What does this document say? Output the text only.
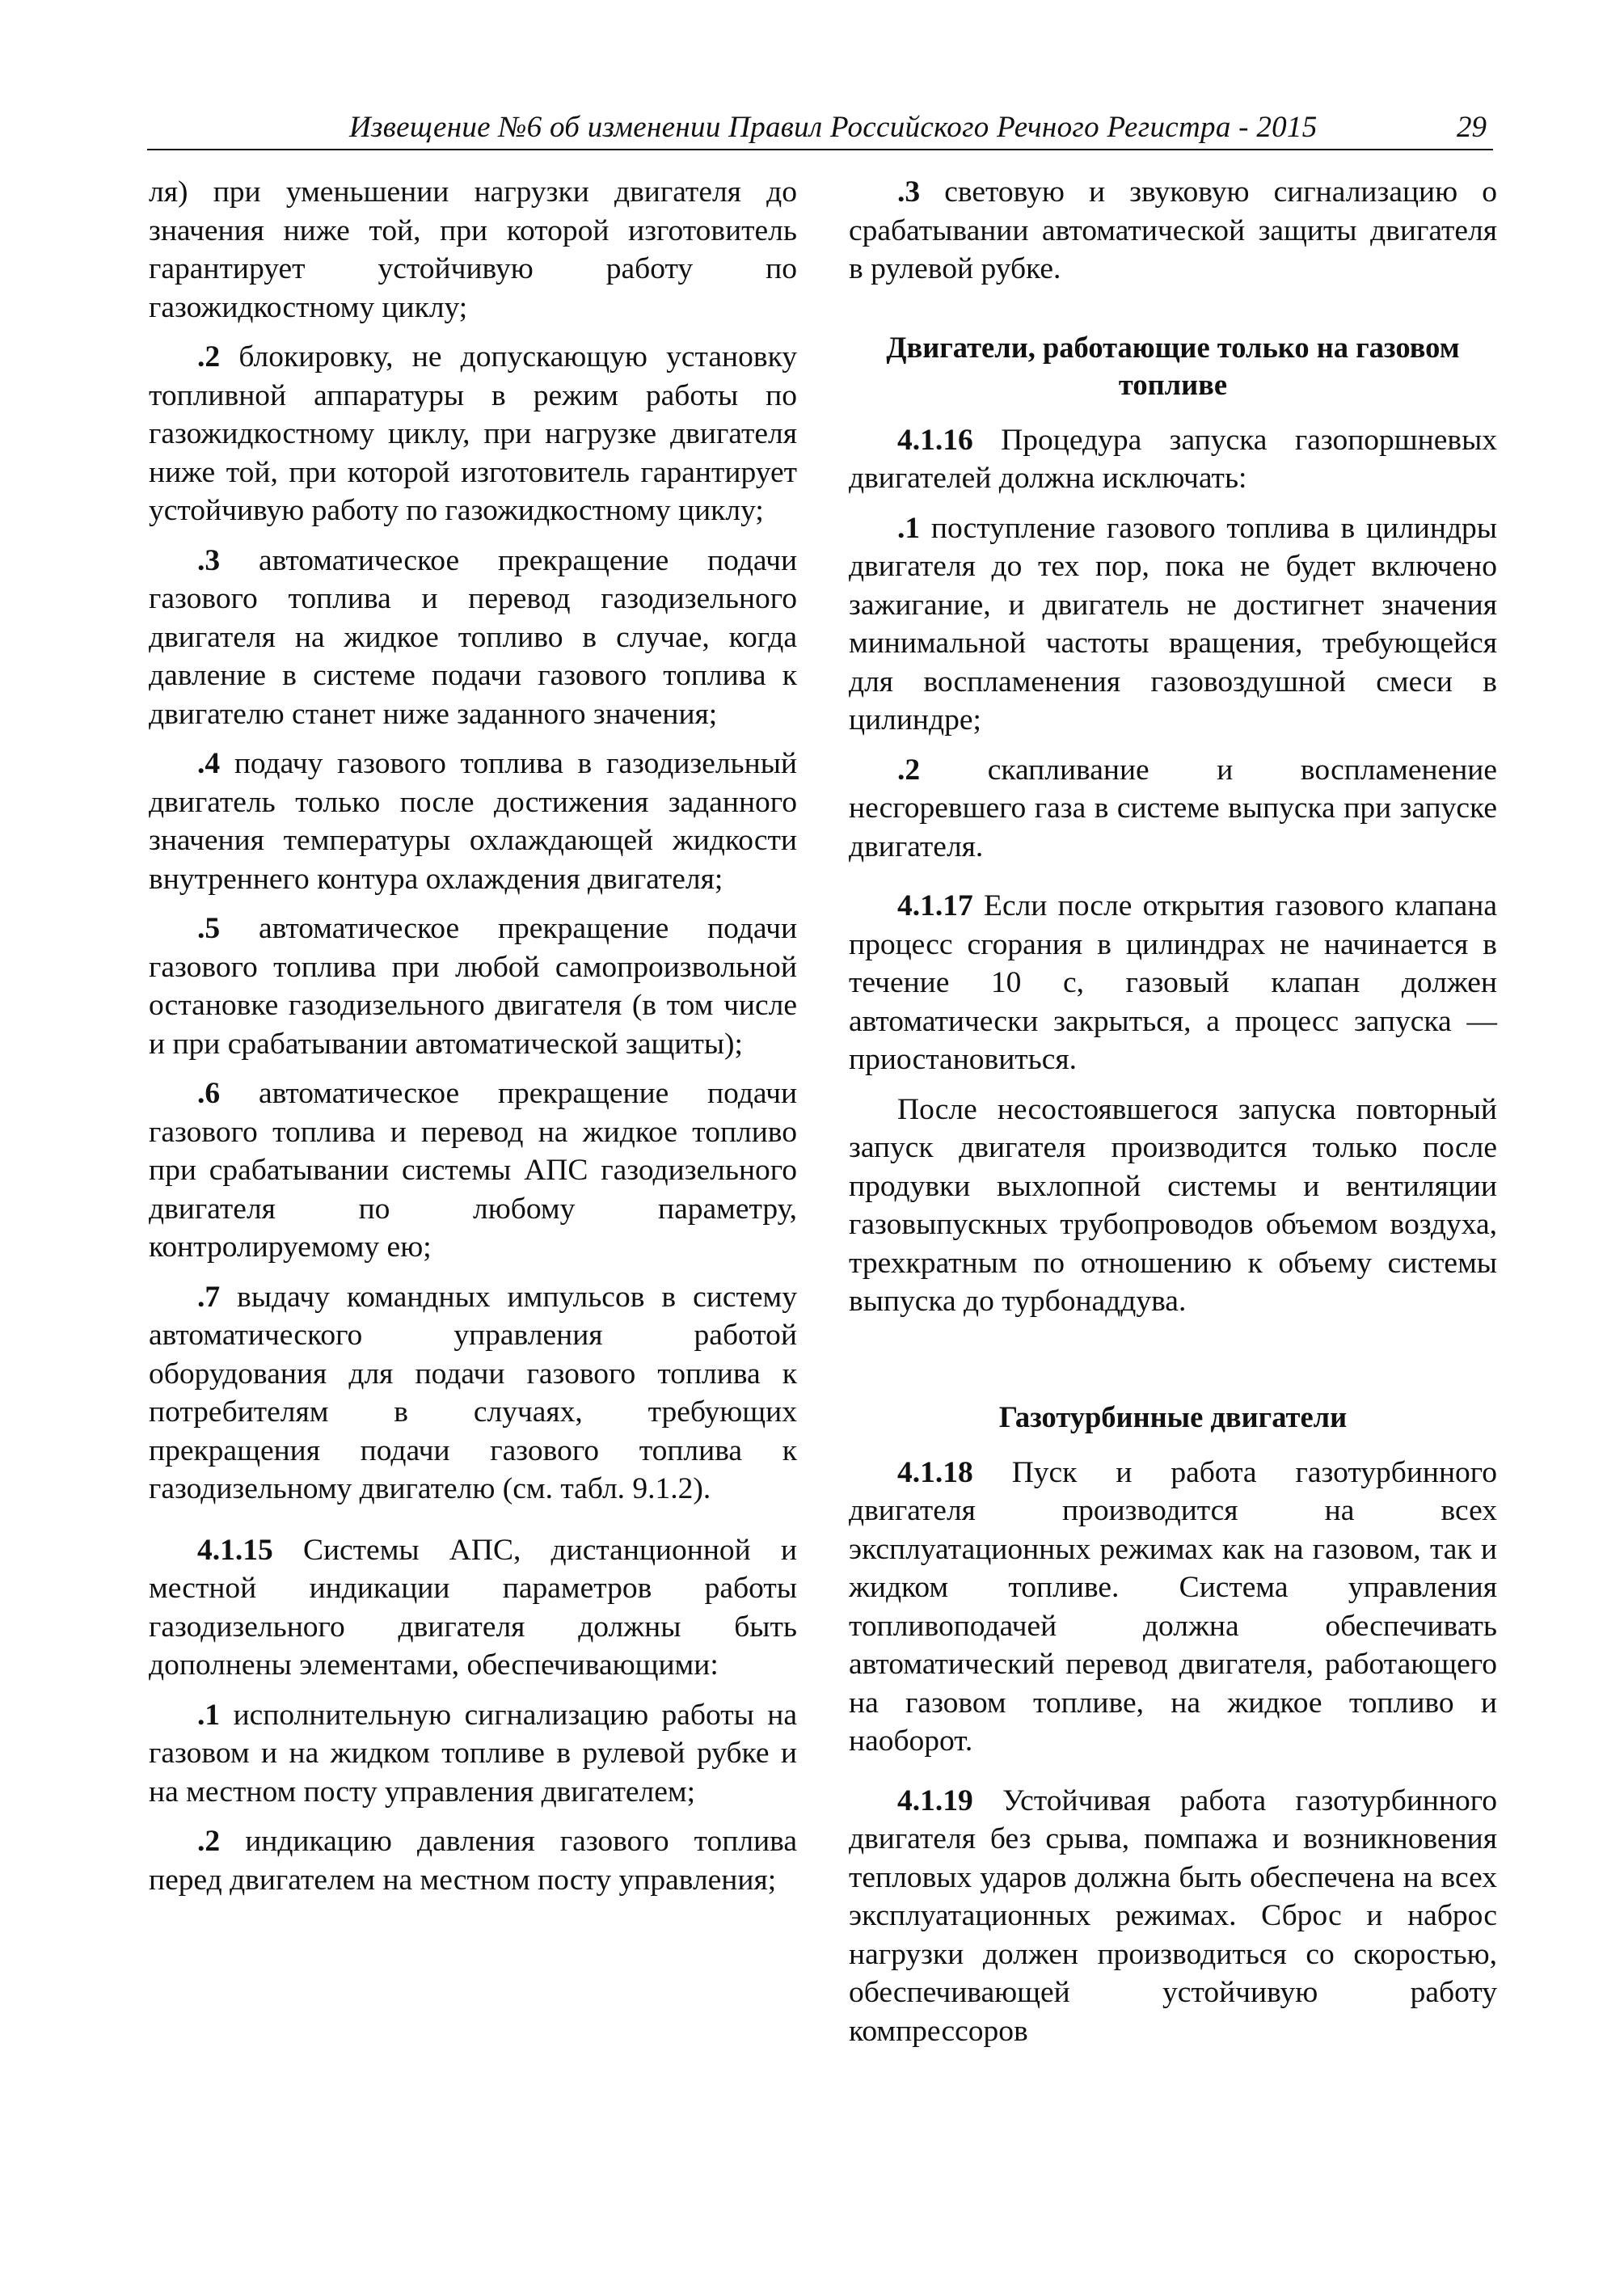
Извещение №6 об изменении Правил Российского Речного Регистра - 2015	29

ля) при уменьшении нагрузки двигателя до значения ниже той, при которой изготовитель гарантирует устойчивую работу по газожидкостному циклу;

.2 блокировку, не допускающую установку топливной аппаратуры в режим работы по газожидкостному циклу, при нагрузке двигателя ниже той, при которой изготовитель гарантирует устойчивую работу по газожидкостному циклу;

.3 автоматическое прекращение подачи газового топлива и перевод газодизельного двигателя на жидкое топливо в случае, когда давление в системе подачи газового топлива к двигателю станет ниже заданного значения;

.4 подачу газового топлива в газодизельный двигатель только после достижения заданного значения температуры охлаждающей жидкости внутреннего контура охлаждения двигателя;

.5 автоматическое прекращение подачи газового топлива при любой самопроизвольной остановке газодизельного двигателя (в том числе и при срабатывании автоматической защиты);

.6 автоматическое прекращение подачи газового топлива и перевод на жидкое топливо при срабатывании системы АПС газодизельного двигателя по любому параметру, контролируемому ею;

.7 выдачу командных импульсов в систему автоматического управления работой оборудования для подачи газового топлива к потребителям в случаях, требующих прекращения подачи газового топлива к газодизельному двигателю (см. табл. 9.1.2).

4.1.15 Системы АПС, дистанционной и местной индикации параметров работы газодизельного двигателя должны быть дополнены элементами, обеспечивающими:

.1 исполнительную сигнализацию работы на газовом и на жидком топливе в рулевой рубке и на местном посту управления двигателем;

.2 индикацию давления газового топлива перед двигателем на местном посту управления;

.3 световую и звуковую сигнализацию о срабатывании автоматической защиты двигателя в рулевой рубке.

Двигатели, работающие только на газовом топливе

4.1.16 Процедура запуска газопоршневых двигателей должна исключать:

.1 поступление газового топлива в цилиндры двигателя до тех пор, пока не будет включено зажигание, и двигатель не достигнет значения минимальной частоты вращения, требующейся для воспламенения газовоздушной смеси в цилиндре;

.2 скапливание и воспламенение несгоревшего газа в системе выпуска при запуске двигателя.

4.1.17 Если после открытия газового клапана процесс сгорания в цилиндрах не начинается в течение 10 с, газовый клапан должен автоматически закрыться, а процесс запуска — приостановиться.

После несостоявшегося запуска повторный запуск двигателя производится только после продувки выхлопной системы и вентиляции газовыпускных трубопроводов объемом воздуха, трехкратным по отношению к объему системы выпуска до турбонаддува.

Газотурбинные двигатели

4.1.18 Пуск и работа газотурбинного двигателя производится на всех эксплуатационных режимах как на газовом, так и жидком топливе. Система управления топливоподачей должна обеспечивать автоматический перевод двигателя, работающего на газовом топливе, на жидкое топливо и наоборот.

4.1.19 Устойчивая работа газотурбинного двигателя без срыва, помпажа и возникновения тепловых ударов должна быть обеспечена на всех эксплуатационных режимах. Сброс и наброс нагрузки должен производиться со скоростью, обеспечивающей устойчивую работу компрессоров
